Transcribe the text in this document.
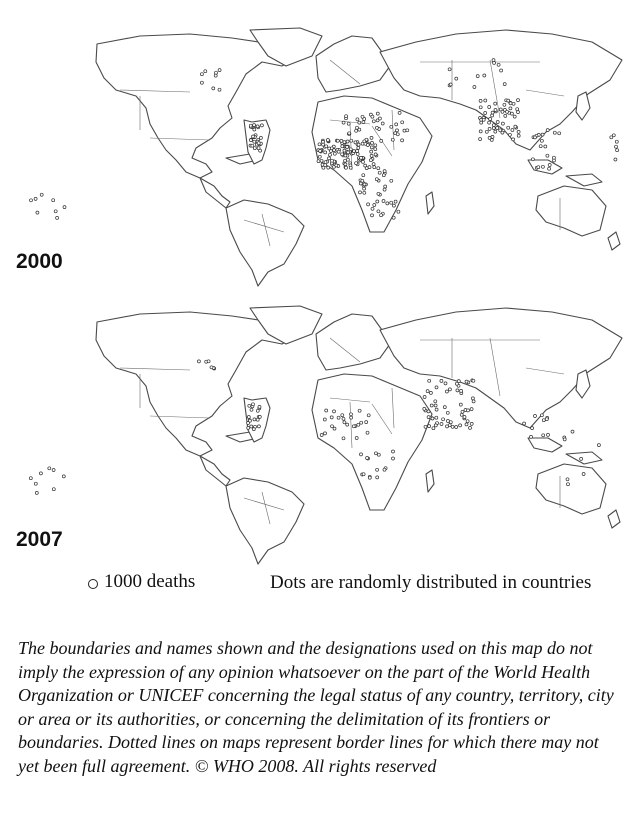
2000
2007
1000 deaths	Dots are randomly distributed in countries
The boundaries and names shown and the designations used on this map do not imply the expression of any opinion whatsoever on the part of the World Health Organization or UNICEF concerning the legal status of any country, territory, city or area or its authorities, or concerning the delimitation of its frontiers or boundaries. Dotted lines on maps represent border lines for which there may not yet been full agreement. © WHO 2008. All rights reserved
